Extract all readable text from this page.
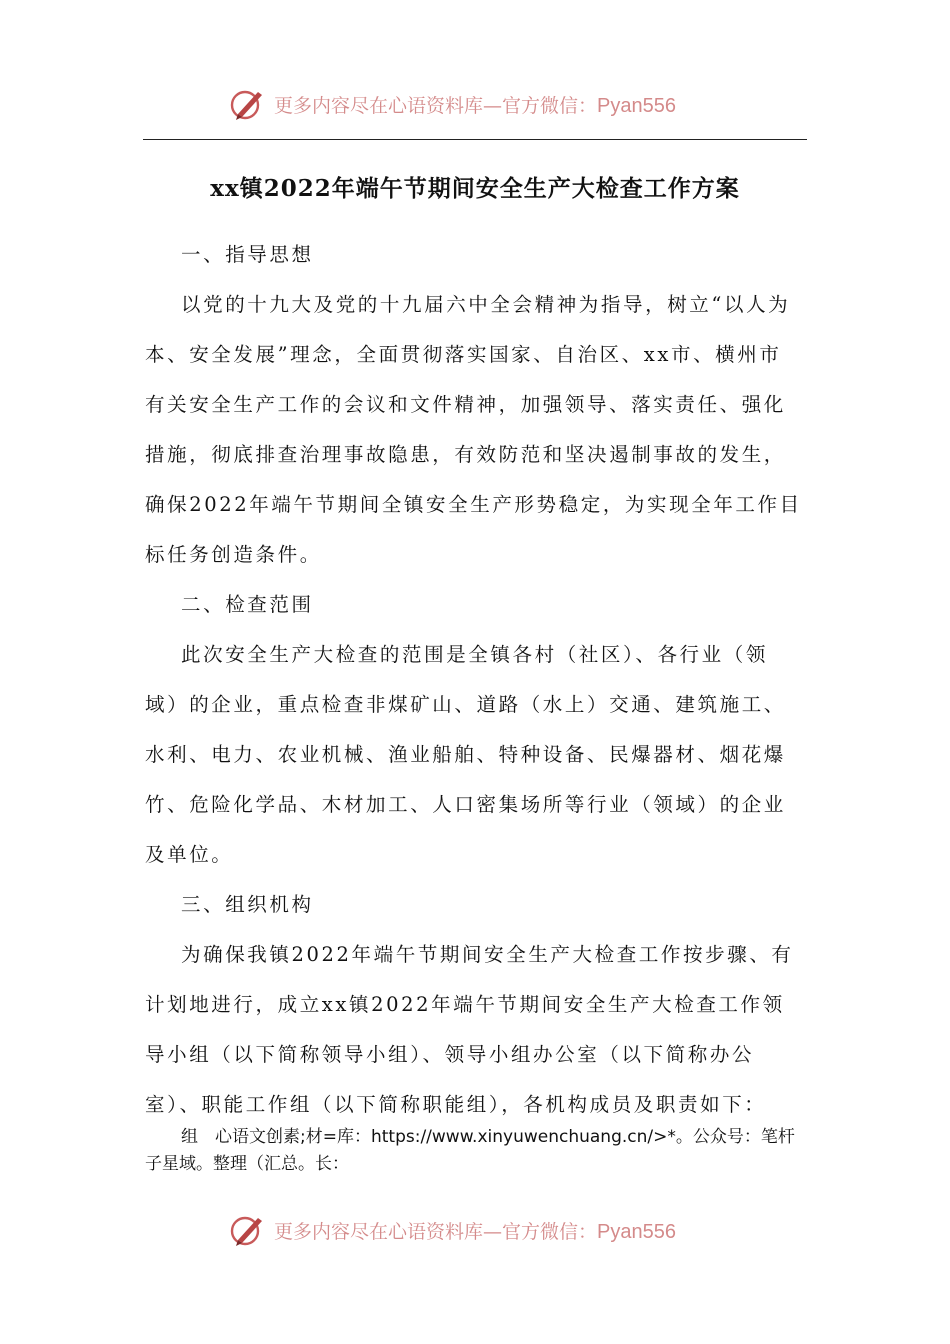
更多内容尽在心语资料库—官方微信：Pyan556
xx镇2022年端午节期间安全生产大检查工作方案
一、指导思想
以党的十九大及党的十九届六中全会精神为指导，树立“以人为
本、安全发展”理念，全面贯彻落实国家、自治区、xx市、横州市
有关安全生产工作的会议和文件精神，加强领导、落实责任、强化
措施，彻底排查治理事故隐患，有效防范和坚决遏制事故的发生，
确保2022年端午节期间全镇安全生产形势稳定，为实现全年工作目
标任务创造条件。
二、检查范围
此次安全生产大检查的范围是全镇各村（社区）、各行业（领
域）的企业，重点检查非煤矿山、道路（水上）交通、建筑施工、
水利、电力、农业机械、渔业船舶、特种设备、民爆器材、烟花爆
竹、危险化学品、木材加工、人口密集场所等行业（领域）的企业
及单位。
三、组织机构
为确保我镇2022年端午节期间安全生产大检查工作按步骤、有
计划地进行，成立xx镇2022年端午节期间安全生产大检查工作领
导小组（以下简称领导小组）、领导小组办公室（以下简称办公
室）、职能工作组（以下简称职能组），各机构成员及职责如下：
组　心语文创素;材=库：https://www.xinyuwenchuang.cn/>*。公众号：笔杆
子星域。整理（汇总。长：
更多内容尽在心语资料库—官方微信：Pyan556
